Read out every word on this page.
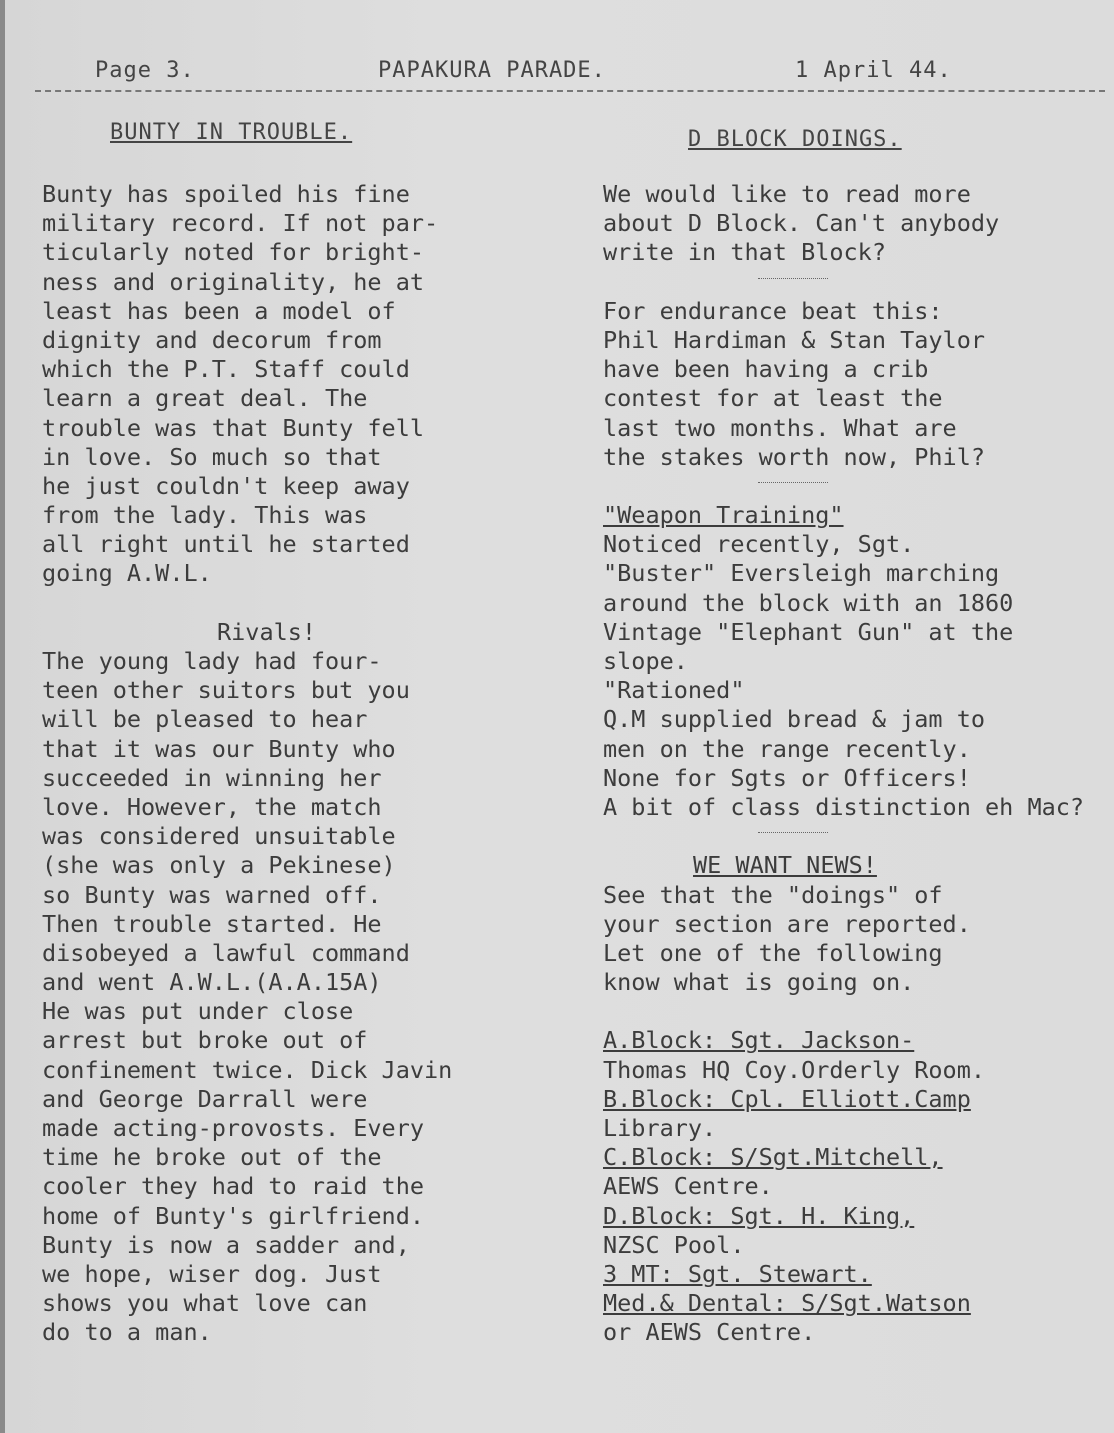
Page 3.	PAPAKURA PARADE.	1 April 44.
BUNTY IN TROUBLE.	D BLOCK DOINGS.
Bunty has spoiled his fine
military record. If not par-
ticularly noted for bright-
ness and originality, he at
least has been a model of
dignity and decorum from
which the P.T. Staff could
learn a great deal. The
trouble was that Bunty fell
in love. So much so that
he just couldn't keep away
from the lady. This was
all right until he started
going A.W.L.
Rivals!
The young lady had four-
teen other suitors but you
will be pleased to hear
that it was our Bunty who
succeeded in winning her
love. However, the match
was considered unsuitable
(she was only a Pekinese)
so Bunty was warned off.
Then trouble started. He
disobeyed a lawful command
and went A.W.L.(A.A.15A)
He was put under close
arrest but broke out of
confinement twice. Dick Javin
and George Darrall were
made acting-provosts. Every
time he broke out of the
cooler they had to raid the
home of Bunty's girlfriend.
Bunty is now a sadder and,
we hope, wiser dog. Just
shows you what love can
do to a man.
We would like to read more
about D Block. Can't anybody
write in that Block?
For endurance beat this:
Phil Hardiman & Stan Taylor
have been having a crib
contest for at least the
last two months. What are
the stakes worth now, Phil?
"Weapon Training"
Noticed recently, Sgt.
"Buster" Eversleigh marching
around the block with an 1860
Vintage "Elephant Gun" at the
slope.
"Rationed"
Q.M supplied bread & jam to
men on the range recently.
None for Sgts or Officers!
A bit of class distinction eh Mac?
WE WANT NEWS!
See that the "doings" of
your section are reported.
Let one of the following
know what is going on.
A.Block: Sgt. Jackson-
Thomas HQ Coy.Orderly Room.
B.Block: Cpl. Elliott.Camp
Library.
C.Block: S/Sgt.Mitchell,
AEWS Centre.
D.Block: Sgt. H. King,
NZSC Pool.
3 MT: Sgt. Stewart.
Med.& Dental: S/Sgt.Watson
or AEWS Centre.
